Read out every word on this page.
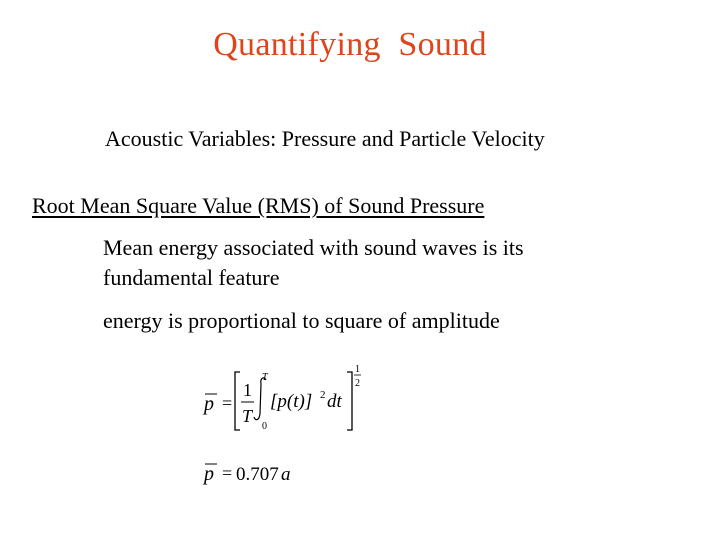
Quantifying  Sound
Acoustic Variables: Pressure and Particle Velocity
Root Mean Square Value (RMS) of Sound Pressure
Mean energy associated with sound waves is its
fundamental feature
energy is proportional to square of amplitude
p =
1
T
T
0
[p(t)] 2 dt
1
2
p = 0.707 a
